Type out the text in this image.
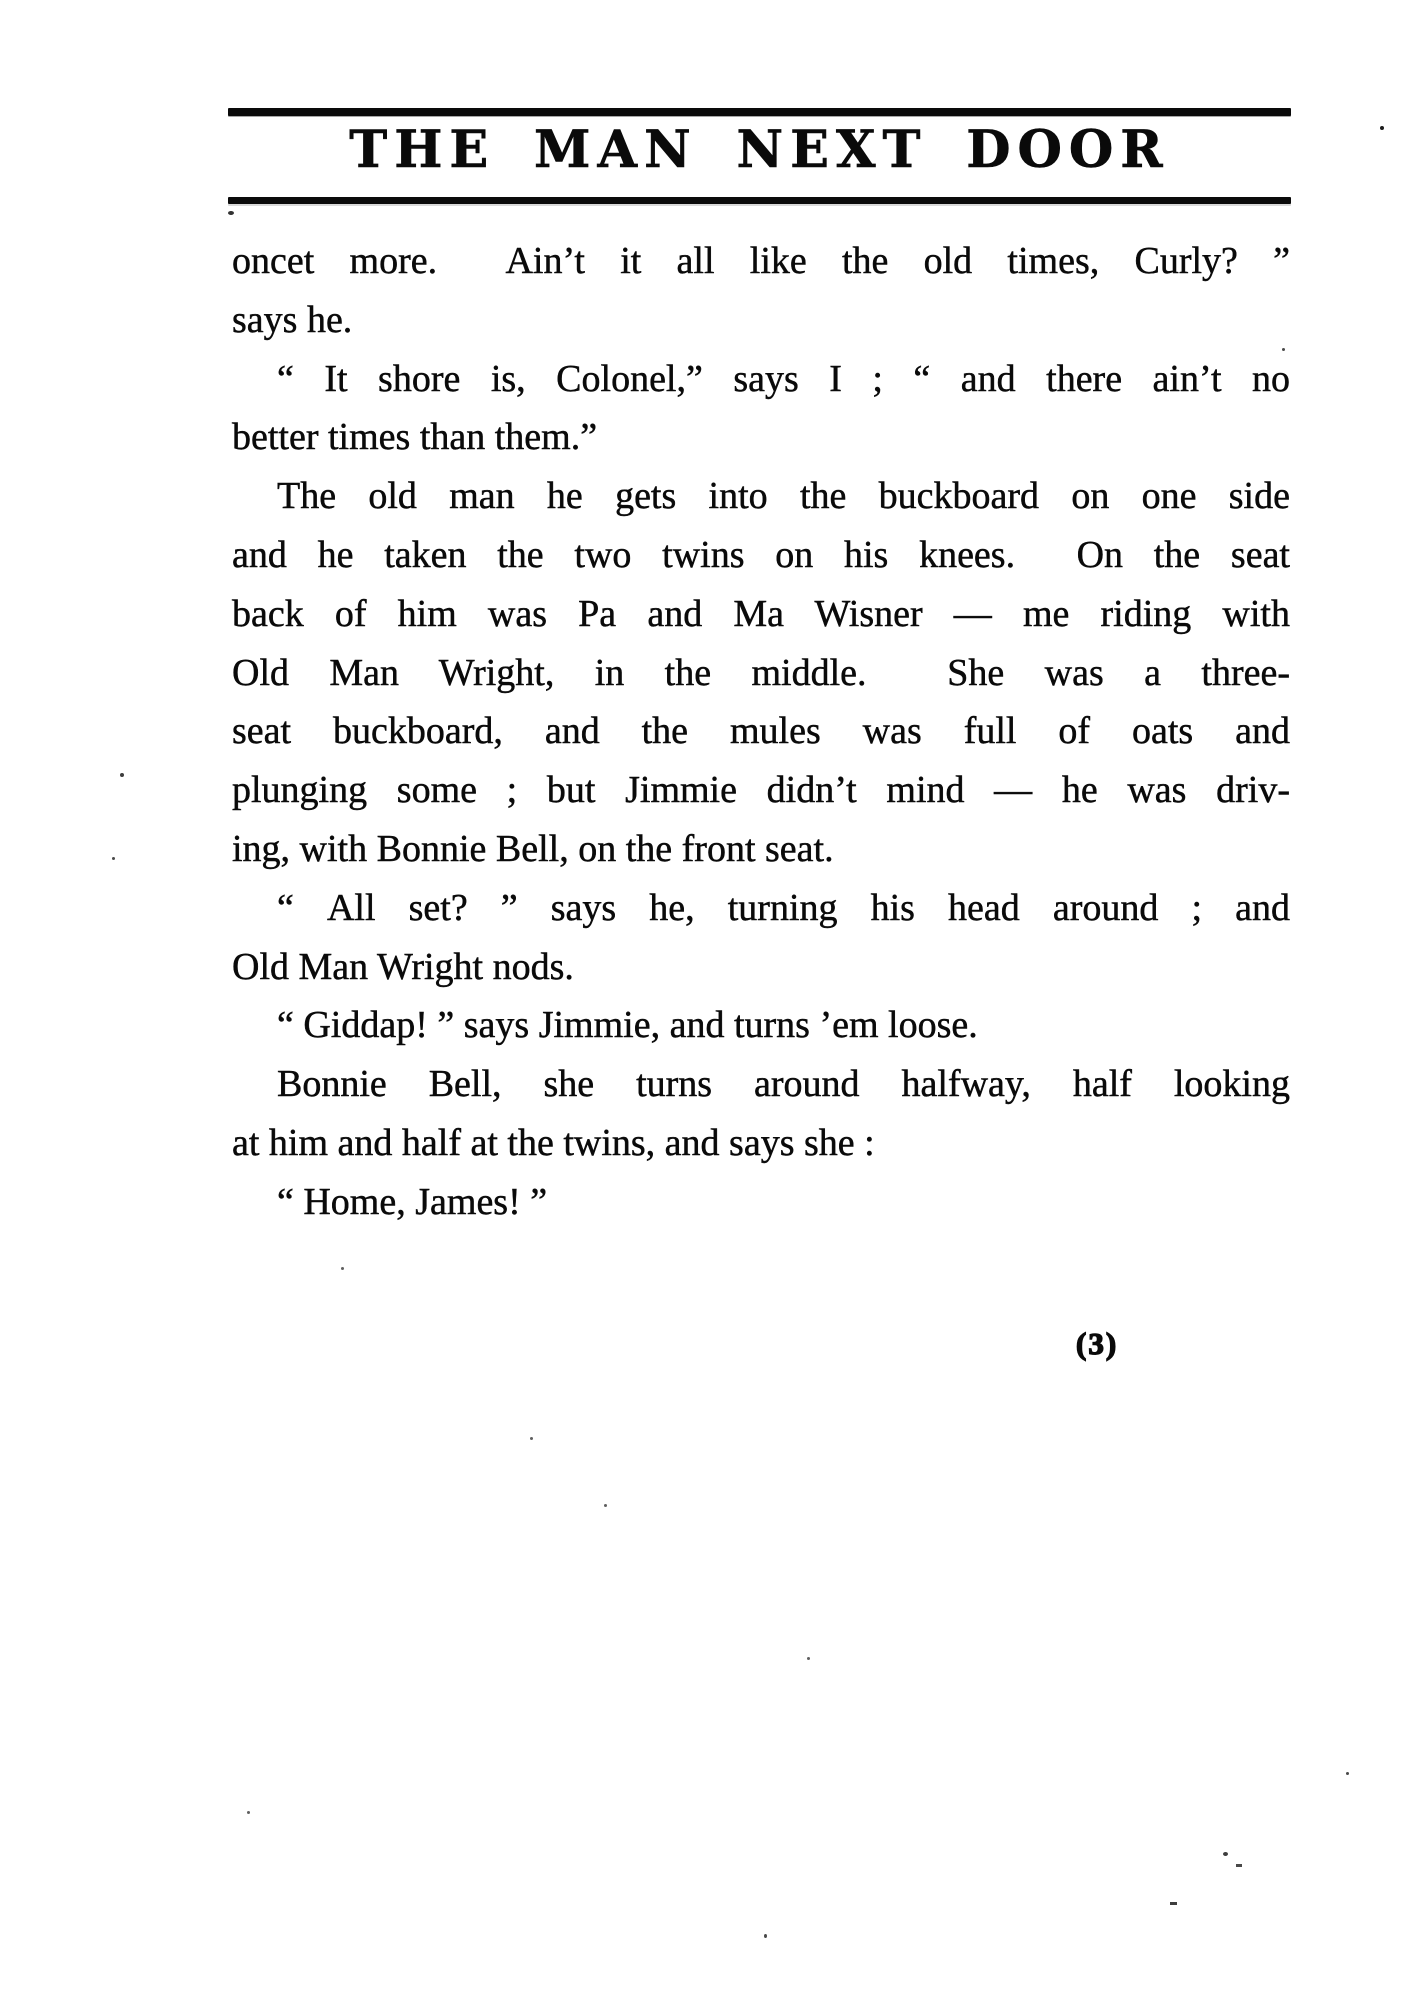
THE MAN NEXT DOOR
oncet more.  Ain’t it all like the old times, Curly? ”
says he.
“ It shore is, Colonel,” says I ; “ and there ain’t no
better times than them.”
The old man he gets into the buckboard on one side
and he taken the two twins on his knees.  On the seat
back of him was Pa and Ma Wisner — me riding with
Old Man Wright, in the middle.  She was a three-
seat buckboard, and the mules was full of oats and
plunging some ; but Jimmie didn’t mind — he was driv-
ing, with Bonnie Bell, on the front seat.
“ All set? ” says he, turning his head around ; and
Old Man Wright nods.
“ Giddap! ” says Jimmie, and turns ’em loose.
Bonnie Bell, she turns around halfway, half looking
at him and half at the twins, and says she :
“ Home, James! ”
(3)
